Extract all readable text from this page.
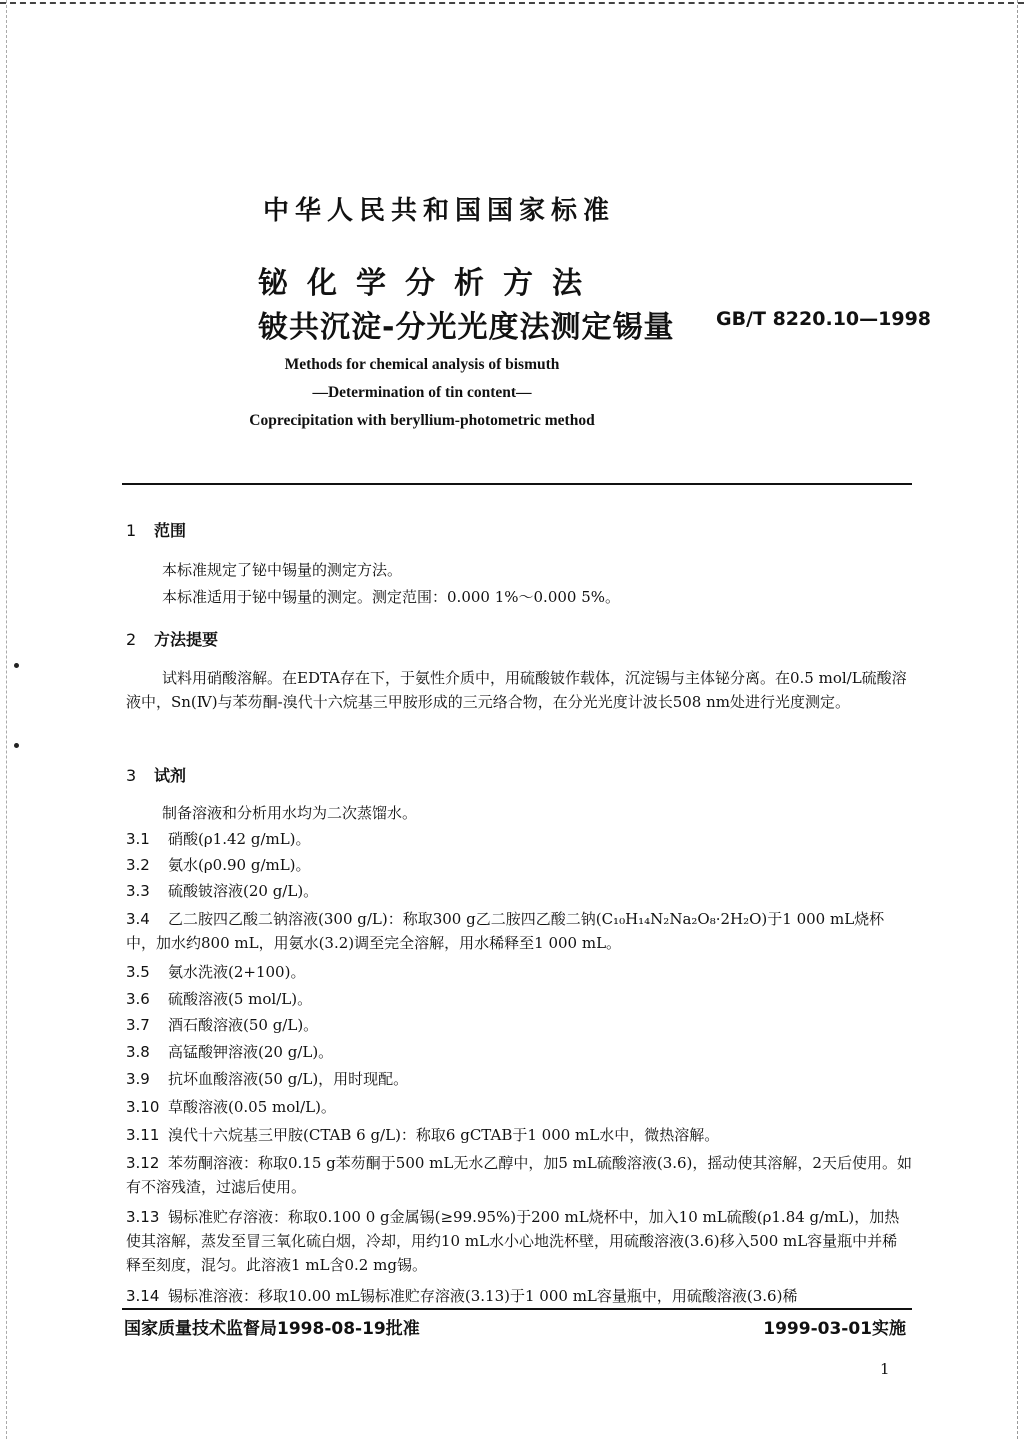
中华人民共和国国家标准
铋化学分析方法
铍共沉淀-分光光度法测定锡量 GB/T 8220.10—1998
Methods for chemical analysis of bismuth
—Determination of tin content—
Coprecipitation with beryllium-photometric method
1 范围
本标准规定了铋中锡量的测定方法。
本标准适用于铋中锡量的测定。测定范围：0.000 1%～0.000 5%。
2 方法提要
试料用硝酸溶解。在EDTA存在下，于氨性介质中，用硫酸铍作载体，沉淀锡与主体铋分离。在0.5 mol/L硫酸溶液中，Sn(Ⅳ)与苯芴酮-溴代十六烷基三甲胺形成的三元络合物，在分光光度计波长508 nm处进行光度测定。
3 试剂
制备溶液和分析用水均为二次蒸馏水。
3.1 硝酸(ρ1.42 g/mL)。
3.2 氨水(ρ0.90 g/mL)。
3.3 硫酸铍溶液(20 g/L)。
3.4 乙二胺四乙酸二钠溶液(300 g/L)：称取300 g乙二胺四乙酸二钠(C₁₀H₁₄N₂Na₂O₈·2H₂O)于1 000 mL烧杯中，加水约800 mL，用氨水(3.2)调至完全溶解，用水稀释至1 000 mL。
3.5 氨水洗液(2+100)。
3.6 硫酸溶液(5 mol/L)。
3.7 酒石酸溶液(50 g/L)。
3.8 高锰酸钾溶液(20 g/L)。
3.9 抗坏血酸溶液(50 g/L)，用时现配。
3.10 草酸溶液(0.05 mol/L)。
3.11 溴代十六烷基三甲胺(CTAB 6 g/L)：称取6 gCTAB于1 000 mL水中，微热溶解。
3.12 苯芴酮溶液：称取0.15 g苯芴酮于500 mL无水乙醇中，加5 mL硫酸溶液(3.6)，摇动使其溶解，2天后使用。如有不溶残渣，过滤后使用。
3.13 锡标准贮存溶液：称取0.100 0 g金属锡(≥99.95%)于200 mL烧杯中，加入10 mL硫酸(ρ1.84 g/mL)，加热使其溶解，蒸发至冒三氧化硫白烟，冷却，用约10 mL水小心地洗杯壁，用硫酸溶液(3.6)移入500 mL容量瓶中并稀释至刻度，混匀。此溶液1 mL含0.2 mg锡。
3.14 锡标准溶液：移取10.00 mL锡标准贮存溶液(3.13)于1 000 mL容量瓶中，用硫酸溶液(3.6)稀
国家质量技术监督局1998-08-19批准	1999-03-01实施
1
